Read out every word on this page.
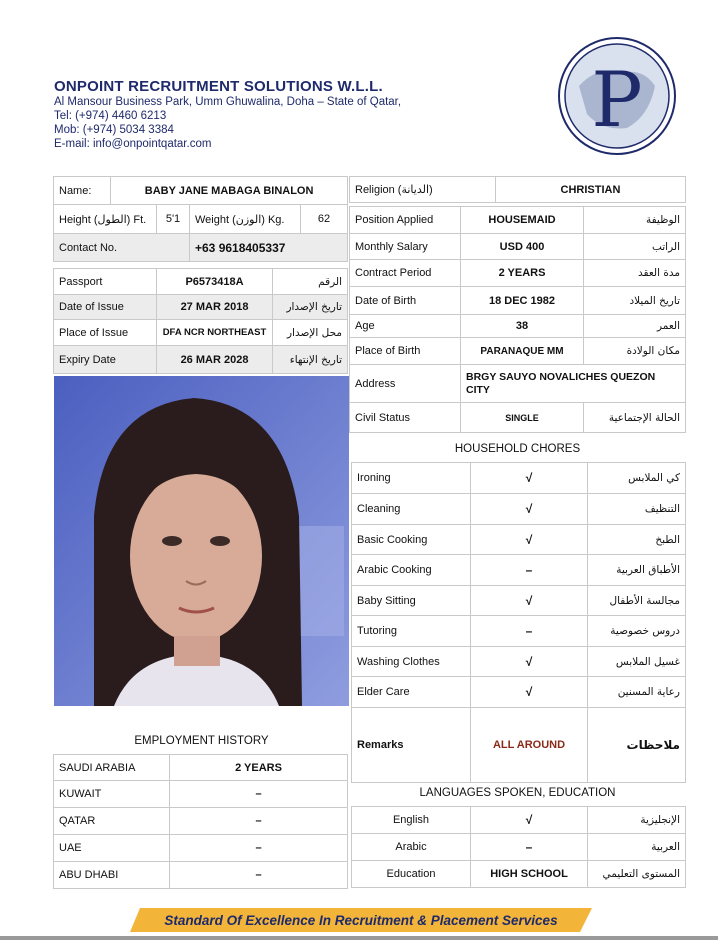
ONPOINT RECRUITMENT SOLUTIONS W.L.L.
Al Mansour Business Park, Umm Ghuwalina, Doha – State of Qatar,
Tel: (+974) 4460 6213
Mob: (+974) 5034 3384
E-mail: info@onpointqatar.com	P
Name:	BABY JANE MABAGA BINALON
Height (الطول) Ft.	5'1	Weight (الوزن) Kg.	62
Contact No.		+63 9618405337	
Passport	P6573418A	الرقم
Date of Issue	27 MAR 2018	تاريخ الإصدار
Place of Issue	DFA NCR NORTHEAST	محل الإصدار
Expiry Date	26 MAR 2028	تاريخ الإنتهاء
EMPLOYMENT HISTORY
SAUDI ARABIA	2 YEARS
KUWAIT	–
QATAR	–
UAE	–
ABU DHABI	–
Religion (الديانة)	CHRISTIAN
Position Applied	HOUSEMAID	الوظيفة
Monthly Salary	USD 400	الراتب
Contract Period	2 YEARS	مدة العقد
Date of Birth	18 DEC 1982	تاريخ الميلاد
Age	38	العمر
Place of Birth	PARANAQUE MM	مكان الولادة
Address	BRGY SAUYO NOVALICHES QUEZON CITY	
Civil Status	SINGLE	الحالة الإجتماعية
HOUSEHOLD CHORES
Ironing	√	كي الملابس
Cleaning	√	التنظيف
Basic Cooking	√	الطبخ
Arabic Cooking	–	الأطباق العربية
Baby Sitting	√	مجالسة الأطفال
Tutoring	–	دروس خصوصية
Washing Clothes	√	غسيل الملابس
Elder Care	√	رعاية المسنين
Remarks	ALL AROUND	ملاحظات
LANGUAGES SPOKEN, EDUCATION
English	√	الإنجليزية
Arabic	–	العربية
Education	HIGH SCHOOL	المستوى التعليمي
Standard Of Excellence In Recruitment & Placement Services
